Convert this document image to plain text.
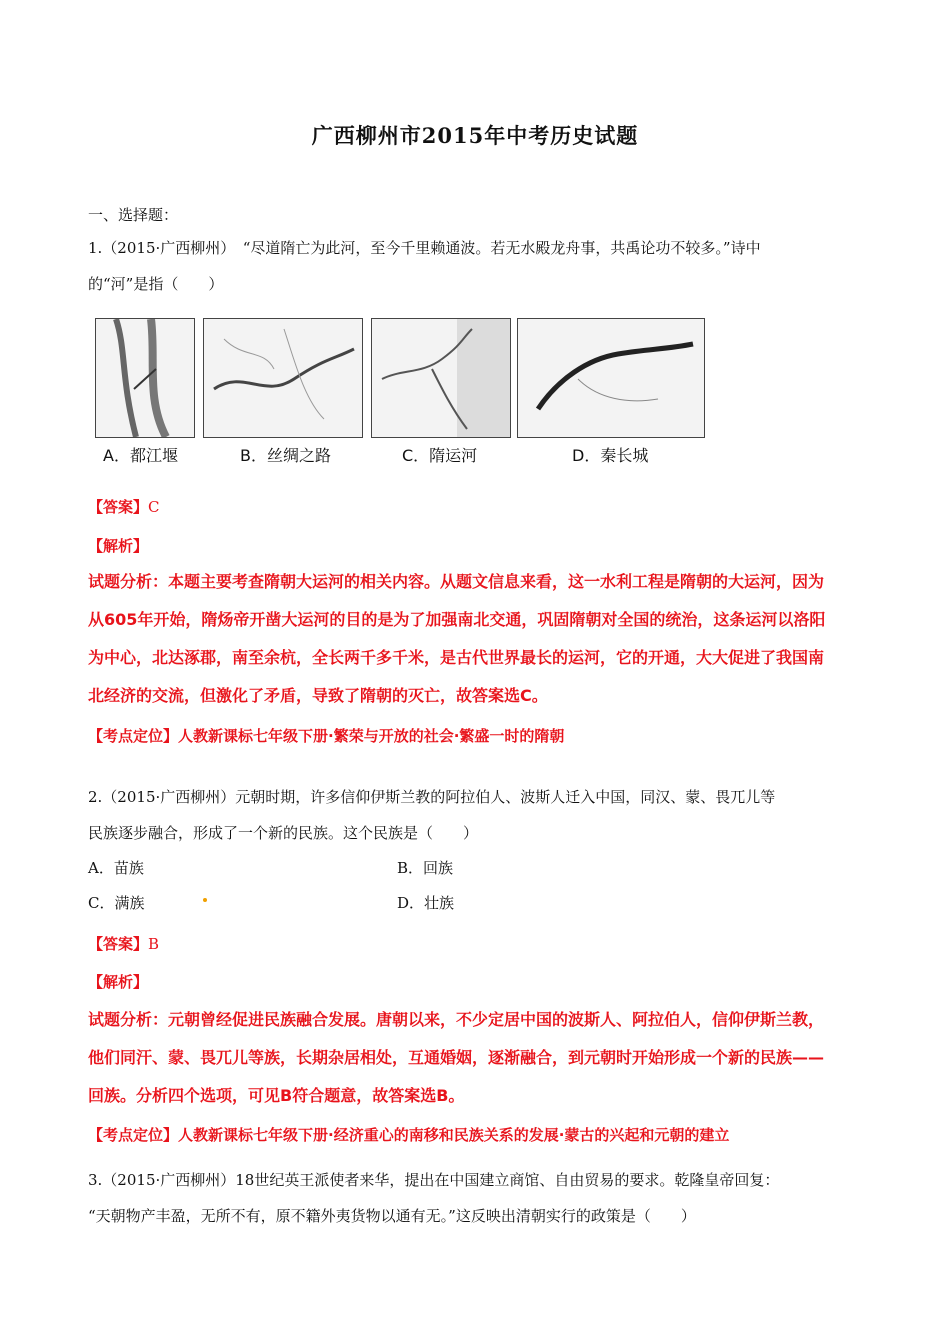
广西柳州市2015年中考历史试题
一、选择题：
1.（2015·广西柳州）　“尽道隋亡为此河，至今千里赖通波。若无水殿龙舟事，共禹论功不较多。”诗中
的“河”是指（　　）
A．都江堰	B．丝绸之路	C．隋运河	D．秦长城
【答案】C
【解析】
试题分析：本题主要考查隋朝大运河的相关内容。从题文信息来看，这一水利工程是隋朝的大运河，因为
从605年开始，隋炀帝开凿大运河的目的是为了加强南北交通，巩固隋朝对全国的统治，这条运河以洛阳
为中心，北达涿郡，南至余杭，全长两千多千米，是古代世界最长的运河，它的开通，大大促进了我国南
北经济的交流，但激化了矛盾，导致了隋朝的灭亡，故答案选C。
【考点定位】人教新课标七年级下册·繁荣与开放的社会·繁盛一时的隋朝
2.（2015·广西柳州）元朝时期，许多信仰伊斯兰教的阿拉伯人、波斯人迁入中国，同汉、蒙、畏兀儿等
民族逐步融合，形成了一个新的民族。这个民族是（　　）
A．苗族	B．回族
C．满族	D．壮族
【答案】B
【解析】
试题分析：元朝曾经促进民族融合发展。唐朝以来，不少定居中国的波斯人、阿拉伯人，信仰伊斯兰教，
他们同汗、蒙、畏兀儿等族，长期杂居相处，互通婚姻，逐渐融合，到元朝时开始形成一个新的民族——
回族。分析四个选项，可见B符合题意，故答案选B。
【考点定位】人教新课标七年级下册·经济重心的南移和民族关系的发展·蒙古的兴起和元朝的建立
3.（2015·广西柳州）18世纪英王派使者来华，提出在中国建立商馆、自由贸易的要求。乾隆皇帝回复：
“天朝物产丰盈，无所不有，原不籍外夷货物以通有无。”这反映出清朝实行的政策是（　　）
